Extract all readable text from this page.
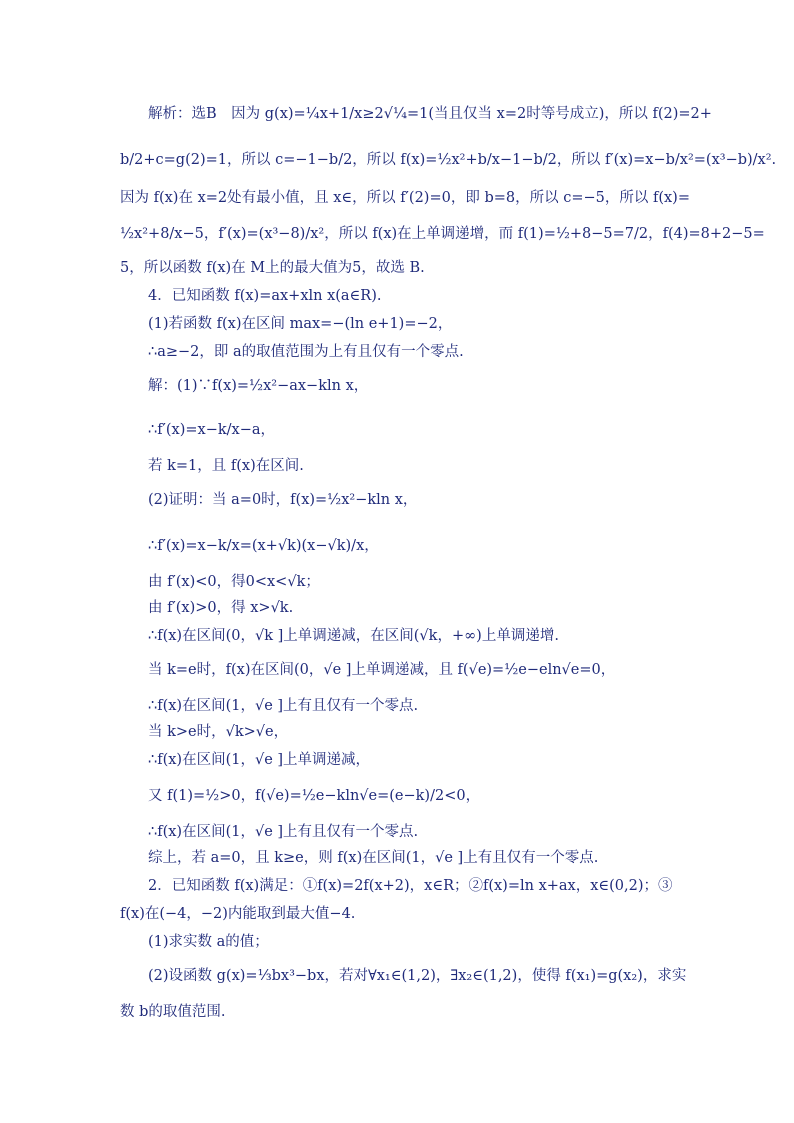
解析：选B　因为 g(x)=¼x+1/x≥2√¼=1(当且仅当 x=2时等号成立)，所以 f(2)=2+
b/2+c=g(2)=1，所以 c=−1−b/2，所以 f(x)=½x²+b/x−1−b/2，所以 f′(x)=x−b/x²=(x³−b)/x².
因为 f(x)在 x=2处有最小值，且 x∈，所以 f′(2)=0，即 b=8，所以 c=−5，所以 f(x)=
½x²+8/x−5，f′(x)=(x³−8)/x²，所以 f(x)在上单调递增，而 f(1)=½+8−5=7/2，f(4)=8+2−5=
5，所以函数 f(x)在 M上的最大值为5，故选 B.
4．已知函数 f(x)=ax+xln x(a∈R).
(1)若函数 f(x)在区间 max=−(ln e+1)=−2，
∴a≥−2，即 a的取值范围为上有且仅有一个零点.
解：(1)∵f(x)=½x²−ax−kln x，
∴f′(x)=x−k/x−a，
若 k=1，且 f(x)在区间.
(2)证明：当 a=0时，f(x)=½x²−kln x，
∴f′(x)=x−k/x=(x+√k)(x−√k)/x，
由 f′(x)<0，得0<x<√k；
由 f′(x)>0，得 x>√k.
∴f(x)在区间(0，√k ]上单调递减，在区间(√k，+∞)上单调递增.
当 k=e时，f(x)在区间(0，√e ]上单调递减，且 f(√e)=½e−eln√e=0，
∴f(x)在区间(1，√e ]上有且仅有一个零点.
当 k>e时，√k>√e，
∴f(x)在区间(1，√e ]上单调递减，
又 f(1)=½>0，f(√e)=½e−kln√e=(e−k)/2<0，
∴f(x)在区间(1，√e ]上有且仅有一个零点.
综上，若 a=0，且 k≥e，则 f(x)在区间(1，√e ]上有且仅有一个零点.
2．已知函数 f(x)满足：①f(x)=2f(x+2)，x∈R；②f(x)=ln x+ax，x∈(0,2)；③
f(x)在(−4，−2)内能取到最大值−4.
(1)求实数 a的值；
(2)设函数 g(x)=⅓bx³−bx，若对∀x₁∈(1,2)，∃x₂∈(1,2)，使得 f(x₁)=g(x₂)，求实
数 b的取值范围.
